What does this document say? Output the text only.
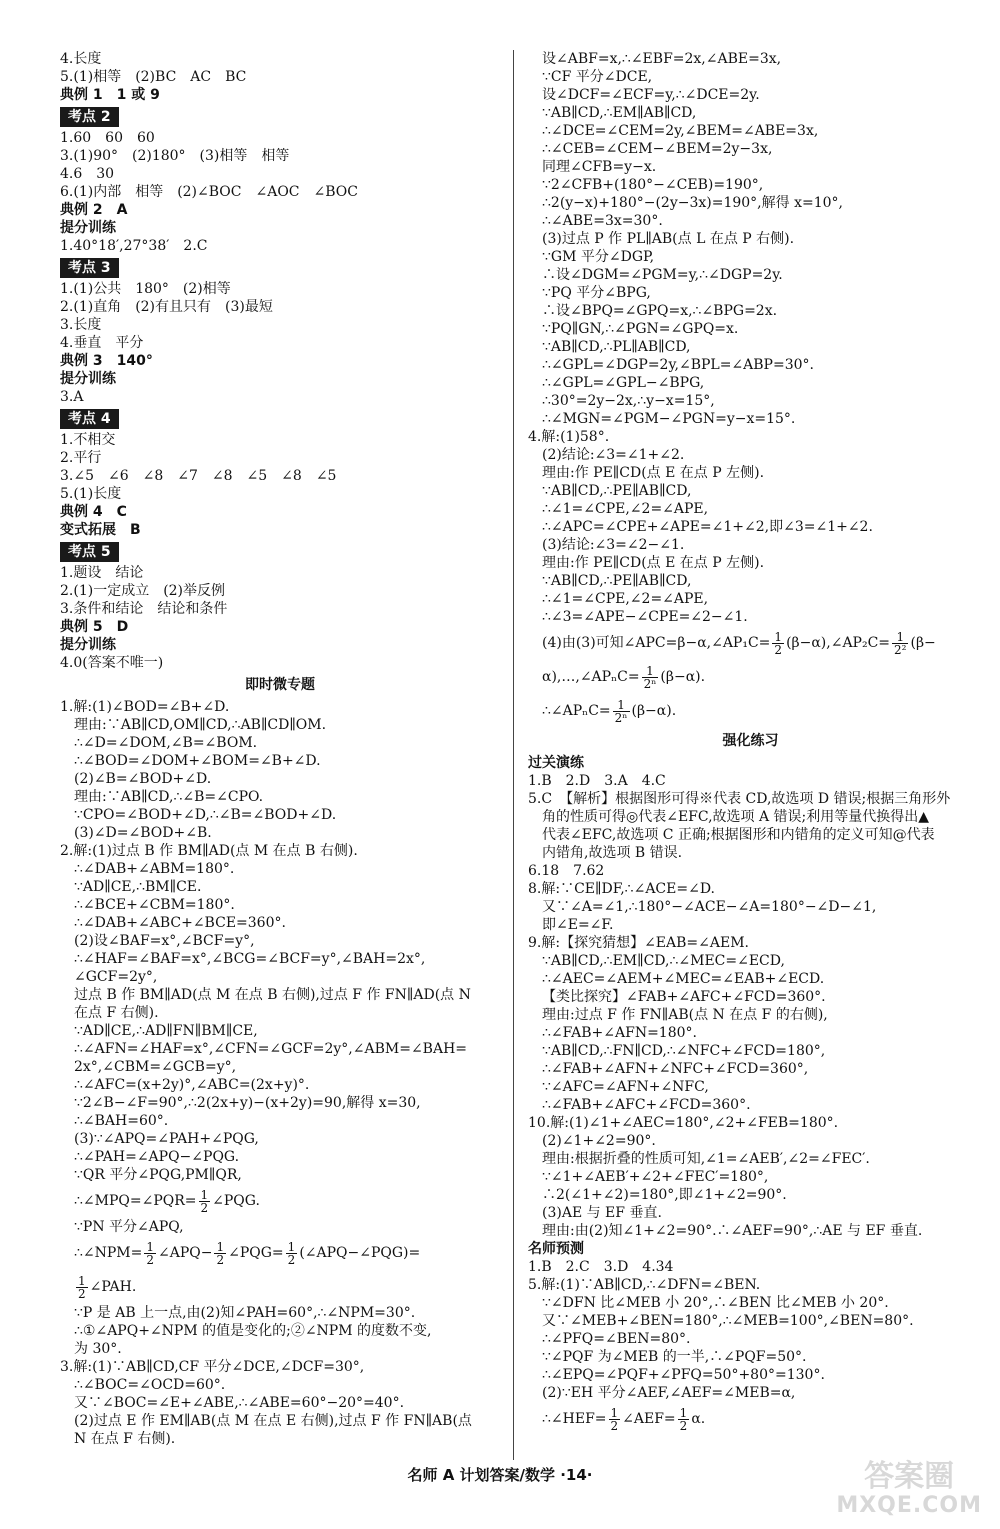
4.长度
5.(1)相等　(2)BC　AC　BC
典例 1　1 或 9
考点 2
1.60　60　60
3.(1)90°　(2)180°　(3)相等　相等
4.6　30
6.(1)内部　相等　(2)∠BOC　∠AOC　∠BOC
典例 2　A
提分训练
1.40°18′,27°38′　2.C
考点 3
1.(1)公共　180°　(2)相等
2.(1)直角　(2)有且只有　(3)最短
3.长度
4.垂直　平分
典例 3　140°
提分训练
3.A
考点 4
1.不相交
2.平行
3.∠5　∠6　∠8　∠7　∠8　∠5　∠8　∠5
5.(1)长度
典例 4　C
变式拓展　B
考点 5
1.题设　结论
2.(1)一定成立　(2)举反例
3.条件和结论　结论和条件
典例 5　D
提分训练
4.0(答案不唯一)
即时微专题
1.解:(1)∠BOD=∠B+∠D.
理由:∵AB∥CD,OM∥CD,∴AB∥CD∥OM.
∴∠D=∠DOM,∠B=∠BOM.
∴∠BOD=∠DOM+∠BOM=∠B+∠D.
(2)∠B=∠BOD+∠D.
理由:∵AB∥CD,∴∠B=∠CPO.
∵CPO=∠BOD+∠D,∴∠B=∠BOD+∠D.
(3)∠D=∠BOD+∠B.
2.解:(1)过点 B 作 BM∥AD(点 M 在点 B 右侧).
∴∠DAB+∠ABM=180°.
∵AD∥CE,∴BM∥CE.
∴∠BCE+∠CBM=180°.
∴∠DAB+∠ABC+∠BCE=360°.
(2)设∠BAF=x°,∠BCF=y°,
∴∠HAF=∠BAF=x°,∠BCG=∠BCF=y°,∠BAH=2x°,
∠GCF=2y°,
过点 B 作 BM∥AD(点 M 在点 B 右侧),过点 F 作 FN∥AD(点 N
在点 F 右侧).
∵AD∥CE,∴AD∥FN∥BM∥CE,
∴∠AFN=∠HAF=x°,∠CFN=∠GCF=2y°,∠ABM=∠BAH=
2x°,∠CBM=∠GCB=y°,
∴∠AFC=(x+2y)°,∠ABC=(2x+y)°.
∵2∠B−∠F=90°,∴2(2x+y)−(x+2y)=90,解得 x=30,
∴∠BAH=60°.
(3)∵∠APQ=∠PAH+∠PQG,
∴∠PAH=∠APQ−∠PQG.
∵QR 平分∠PQG,PM∥QR,
∴∠MPQ=∠PQR= $\frac{1}{2}$ ∠PQG.
∵PN 平分∠APQ,
∴∠NPM= $\frac{1}{2}$ ∠APQ− $\frac{1}{2}$ ∠PQG= $\frac{1}{2}$ (∠APQ−∠PQG)=
$\frac{1}{2}$ ∠PAH.
∵P 是 AB 上一点,由(2)知∠PAH=60°,∴∠NPM=30°.
∴①∠APQ+∠NPM 的值是变化的;②∠NPM 的度数不变,
为 30°.
3.解:(1)∵AB∥CD,CF 平分∠DCE,∠DCF=30°,
∴∠BOC=∠OCD=60°.
又∵∠BOC=∠E+∠ABE,∴∠ABE=60°−20°=40°.
(2)过点 E 作 EM∥AB(点 M 在点 E 右侧),过点 F 作 FN∥AB(点
N 在点 F 右侧).
设∠ABF=x,∴∠EBF=2x,∠ABE=3x,
∵CF 平分∠DCE,
设∠DCF=∠ECF=y,∴∠DCE=2y.
∵AB∥CD,∴EM∥AB∥CD,
∴∠DCE=∠CEM=2y,∠BEM=∠ABE=3x,
∴∠CEB=∠CEM−∠BEM=2y−3x,
同理∠CFB=y−x.
∵2∠CFB+(180°−∠CEB)=190°,
∴2(y−x)+180°−(2y−3x)=190°,解得 x=10°,
∴∠ABE=3x=30°.
(3)过点 P 作 PL∥AB(点 L 在点 P 右侧).
∵GM 平分∠DGP,
∴设∠DGM=∠PGM=y,∴∠DGP=2y.
∵PQ 平分∠BPG,
∴设∠BPQ=∠GPQ=x,∴∠BPG=2x.
∵PQ∥GN,∴∠PGN=∠GPQ=x.
∵AB∥CD,∴PL∥AB∥CD,
∴∠GPL=∠DGP=2y,∠BPL=∠ABP=30°.
∴∠GPL=∠GPL−∠BPG,
∴30°=2y−2x,∴y−x=15°,
∴∠MGN=∠PGM−∠PGN=y−x=15°.
4.解:(1)58°.
(2)结论:∠3=∠1+∠2.
理由:作 PE∥CD(点 E 在点 P 左侧).
∵AB∥CD,∴PE∥AB∥CD,
∴∠1=∠CPE,∠2=∠APE,
∴∠APC=∠CPE+∠APE=∠1+∠2,即∠3=∠1+∠2.
(3)结论:∠3=∠2−∠1.
理由:作 PE∥CD(点 E 在点 P 左侧).
∵AB∥CD,∴PE∥AB∥CD,
∴∠1=∠CPE,∠2=∠APE,
∴∠3=∠APE−∠CPE=∠2−∠1.
(4)由(3)可知∠APC=β−α,∠AP₁C= $\frac{1}{2}$ (β−α),∠AP₂C= $\frac{1}{\text{2²}} (\beta-$
α),…,∠APₙC= $\frac{1}{\text{2ⁿ}} (\beta-\alpha)$.
∴∠APₙC= $\frac{1}{\text{2ⁿ}} (\beta-\alpha)$.
强化练习
过关演练
1.B　2.D　3.A　4.C
5.C　【解析】根据图形可得※代表 CD,故选项 D 错误;根据三角形外
角的性质可得◎代表∠EFC,故选项 A 错误;利用等量代换得出▲
代表∠EFC,故选项 C 正确;根据图形和内错角的定义可知@代表
内错角,故选项 B 错误.
6.18　7.62
8.解:∵CE∥DF,∴∠ACE=∠D.
又∵∠A=∠1,∴180°−∠ACE−∠A=180°−∠D−∠1,
即∠E=∠F.
9.解:【探究猜想】∠EAB=∠AEM.
∵AB∥CD,∴EM∥CD,∴∠MEC=∠ECD,
∴∠AEC=∠AEM+∠MEC=∠EAB+∠ECD.
【类比探究】∠FAB+∠AFC+∠FCD=360°.
理由:过点 F 作 FN∥AB(点 N 在点 F 的右侧),
∴∠FAB+∠AFN=180°.
∵AB∥CD,∴FN∥CD,∴∠NFC+∠FCD=180°,
∴∠FAB+∠AFN+∠NFC+∠FCD=360°,
∵∠AFC=∠AFN+∠NFC,
∴∠FAB+∠AFC+∠FCD=360°.
10.解:(1)∠1+∠AEC=180°,∠2+∠FEB=180°.
(2)∠1+∠2=90°.
理由:根据折叠的性质可知,∠1=∠AEB′,∠2=∠FEC′.
∵∠1+∠AEB′+∠2+∠FEC′=180°,
∴2(∠1+∠2)=180°,即∠1+∠2=90°.
(3)AE 与 EF 垂直.
理由:由(2)知∠1+∠2=90°.∴∠AEF=90°,∴AE 与 EF 垂直.
名师预测
1.B　2.C　3.D　4.34
5.解:(1)∵AB∥CD,∴∠DFN=∠BEN.
∵∠DFN 比∠MEB 小 20°,∴∠BEN 比∠MEB 小 20°.
又∵∠MEB+∠BEN=180°,∴∠MEB=100°,∠BEN=80°.
∴∠PFQ=∠BEN=80°.
∵∠PQF 为∠MEB 的一半,∴∠PQF=50°.
∴∠EPQ=∠PQF+∠PFQ=50°+80°=130°.
(2)∵EH 平分∠AEF,∠AEF=∠MEB=α,
∴∠HEF= $\frac{1}{2}$ ∠AEF= $\frac{1}{2} \alpha$.
名师 A 计划答案/数学 ·14·	答案圈
MXQE.COM
